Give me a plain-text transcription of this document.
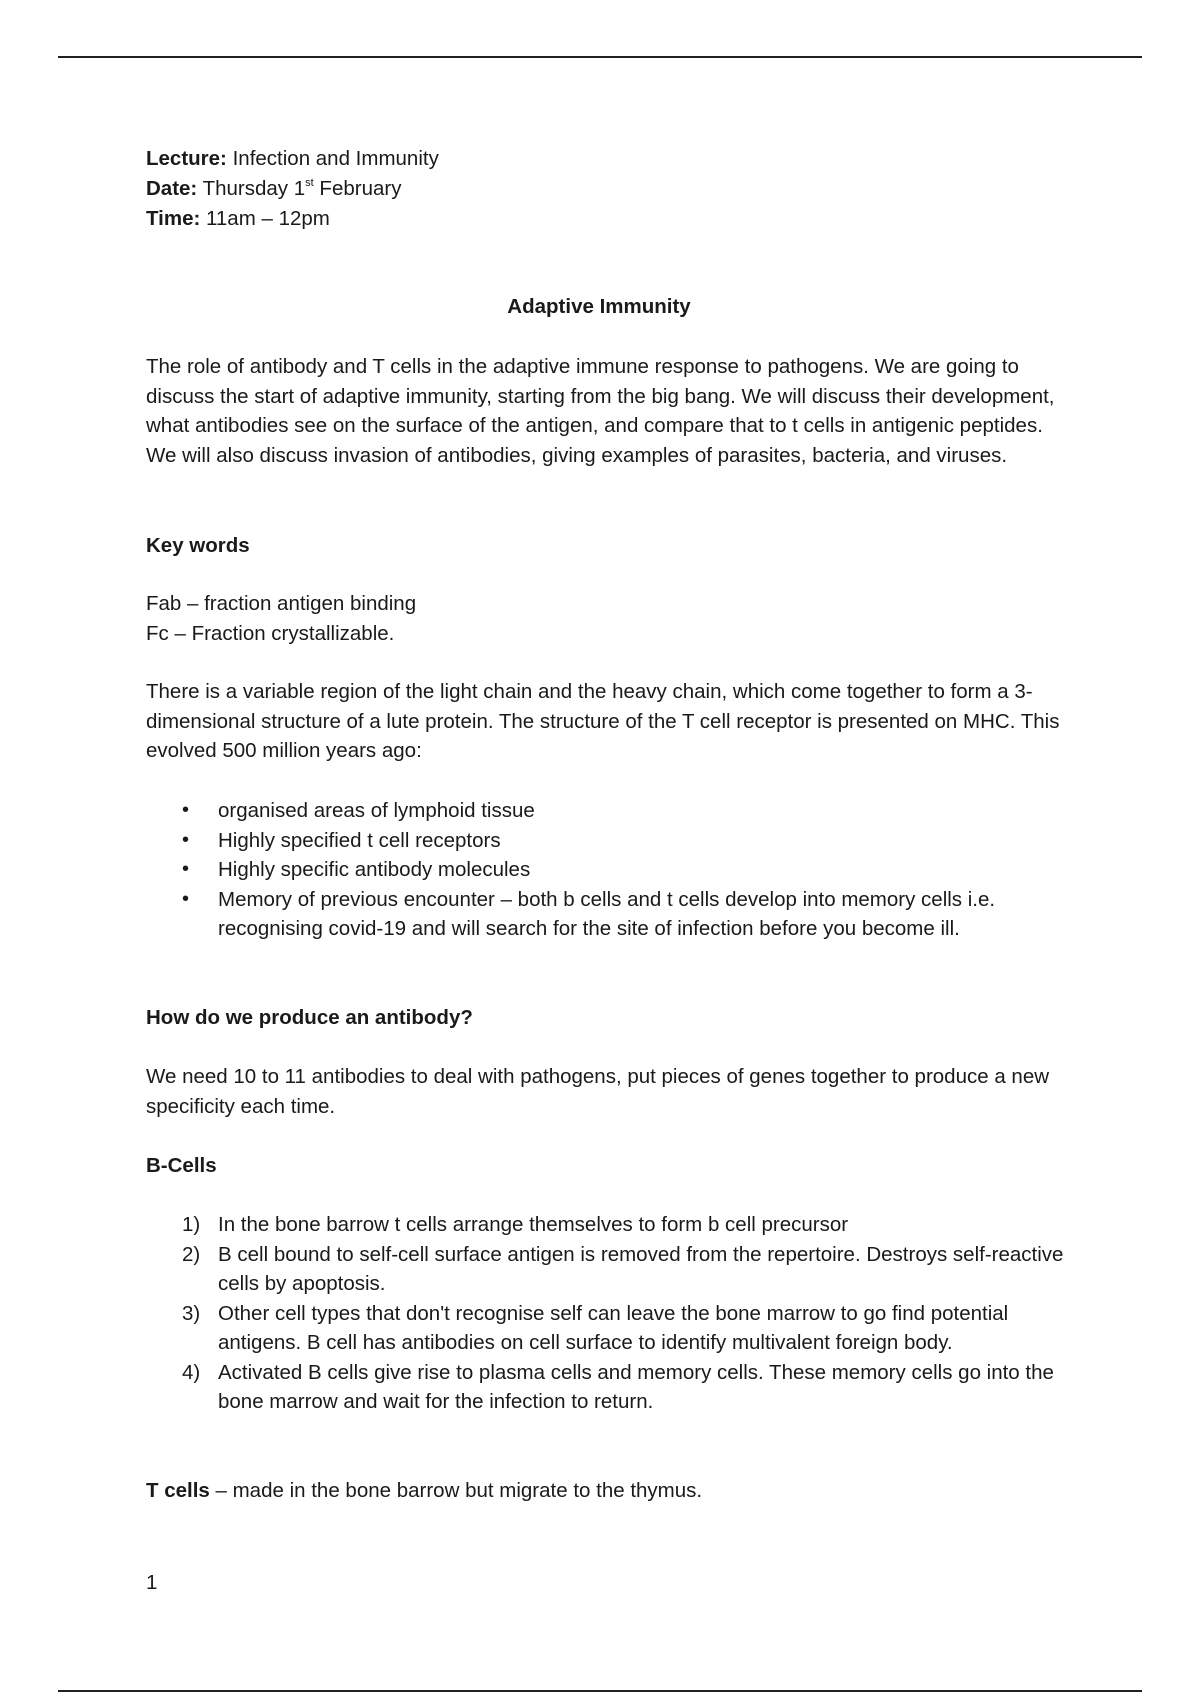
Lecture: Infection and Immunity

Date: Thursday 1st February

Time: 11am – 12pm

Adaptive Immunity

The role of antibody and T cells in the adaptive immune response to pathogens. We are going to discuss the start of adaptive immunity, starting from the big bang. We will discuss their development, what antibodies see on the surface of the antigen, and compare that to t cells in antigenic peptides. We will also discuss invasion of antibodies, giving examples of parasites, bacteria, and viruses.

Key words

Fab – fraction antigen binding
Fc – Fraction crystallizable.

There is a variable region of the light chain and the heavy chain, which come together to form a 3-dimensional structure of a lute protein. The structure of the T cell receptor is presented on MHC. This evolved 500 million years ago:

• organised areas of lymphoid tissue
• Highly specified t cell receptors
• Highly specific antibody molecules
• Memory of previous encounter – both b cells and t cells develop into memory cells i.e. recognising covid-19 and will search for the site of infection before you become ill.

How do we produce an antibody?

We need 10 to 11 antibodies to deal with pathogens, put pieces of genes together to produce a new specificity each time.

B-Cells

1) In the bone barrow t cells arrange themselves to form b cell precursor
2) B cell bound to self-cell surface antigen is removed from the repertoire. Destroys self-reactive cells by apoptosis.
3) Other cell types that don't recognise self can leave the bone marrow to go find potential antigens. B cell has antibodies on cell surface to identify multivalent foreign body.
4) Activated B cells give rise to plasma cells and memory cells. These memory cells go into the bone marrow and wait for the infection to return.

T cells – made in the bone barrow but migrate to the thymus.

1
